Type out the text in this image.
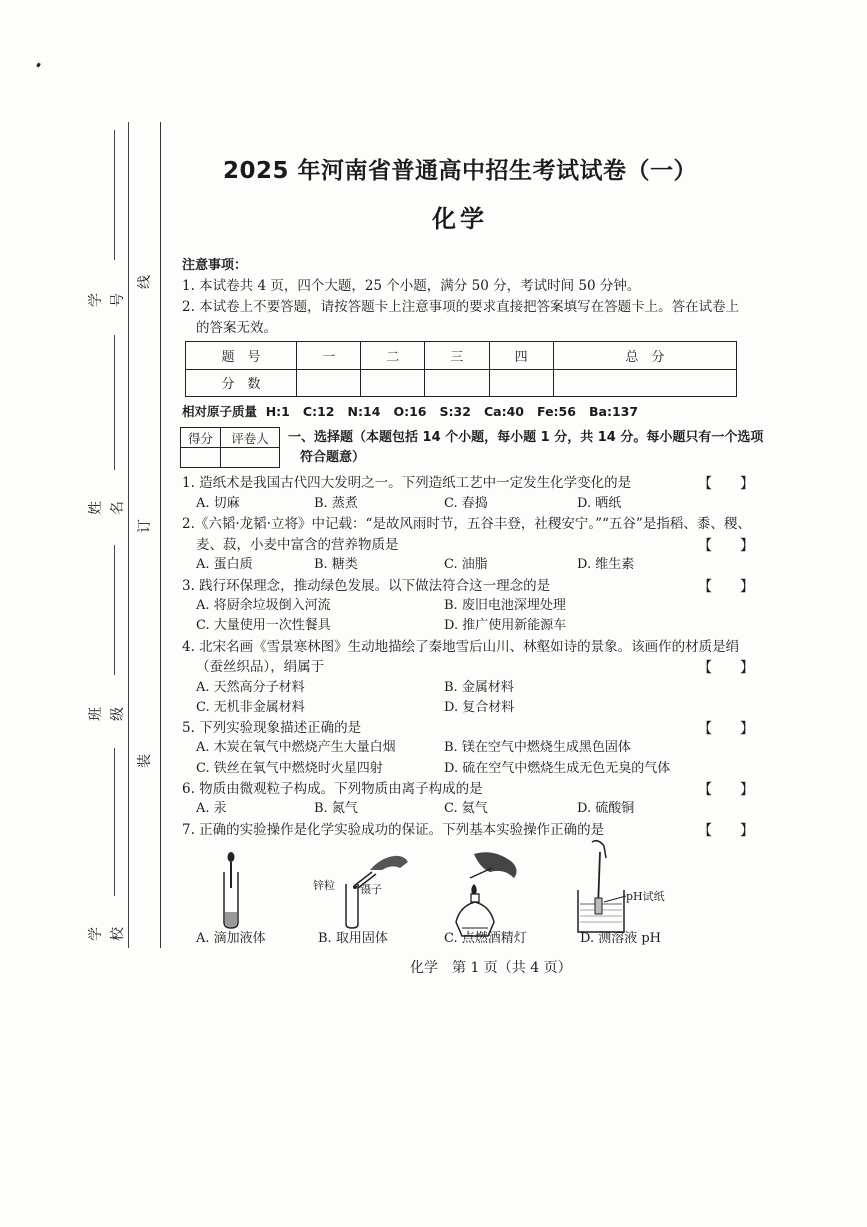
学号
姓名
班级
学校
线
订
装
2025 年河南省普通高中招生考试试卷（一）
化学
注意事项：
1. 本试卷共 4 页，四个大题，25 个小题，满分 50 分，考试时间 50 分钟。
2. 本试卷上不要答题，请按答题卡上注意事项的要求直接把答案填写在答题卡上。答在试卷上
的答案无效。
题　号	一	二	三	四	总　分
分　数					
相对原子质量  H:1   C:12   N:14   O:16   S:32   Ca:40   Fe:56   Ba:137
得分	评卷人
	一、选择题（本题包括 14 个小题，每小题 1 分，共 14 分。每小题只有一个选项
符合题意）
1. 造纸术是我国古代四大发明之一。下列造纸工艺中一定发生化学变化的是	【　　】
A. 切麻	B. 蒸煮	C. 春捣	D. 晒纸
2.《六韬·龙韬·立将》中记载：“是故风雨时节，五谷丰登，社稷安宁。”“五谷”是指稻、黍、稷、
麦、菽，小麦中富含的营养物质是	【　　】
A. 蛋白质	B. 糖类	C. 油脂	D. 维生素
3. 践行环保理念，推动绿色发展。以下做法符合这一理念的是	【　　】
A. 将厨余垃圾倒入河流	B. 废旧电池深埋处理
C. 大量使用一次性餐具	D. 推广使用新能源车
4. 北宋名画《雪景寒林图》生动地描绘了秦地雪后山川、林壑如诗的景象。该画作的材质是绢
（蚕丝织品），绢属于	【　　】
A. 天然高分子材料	B. 金属材料
C. 无机非金属材料	D. 复合材料
5. 下列实验现象描述正确的是	【　　】
A. 木炭在氧气中燃烧产生大量白烟	B. 镁在空气中燃烧生成黑色固体
C. 铁丝在氧气中燃烧时火星四射	D. 硫在空气中燃烧生成无色无臭的气体
6. 物质由微观粒子构成。下列物质由离子构成的是	【　　】
A. 汞	B. 氮气	C. 氦气	D. 硫酸铜
7. 正确的实验操作是化学实验成功的保证。下列基本实验操作正确的是	【　　】
锌粒 镊子
pH试纸
A. 滴加液体	B. 取用固体	C. 点燃酒精灯	D. 测溶液 pH
化学　第 1 页（共 4 页）
